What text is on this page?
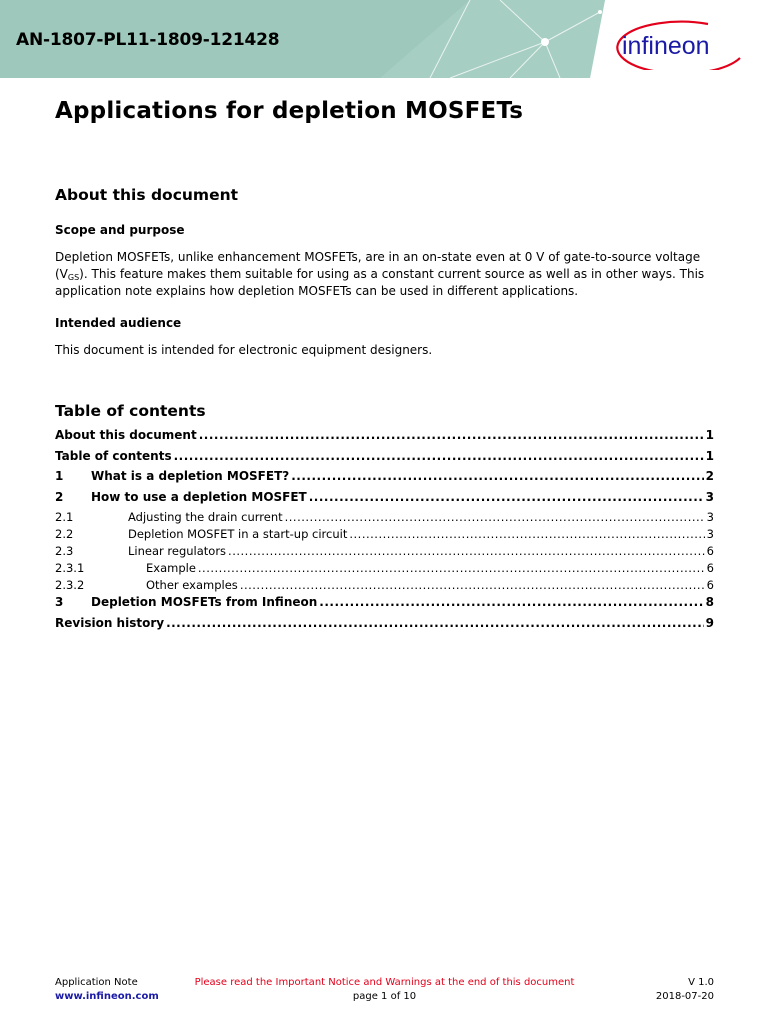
AN-1807-PL11-1809-121428	infineon
Applications for depletion MOSFETs
About this document
Scope and purpose
Depletion MOSFETs, unlike enhancement MOSFETs, are in an on-state even at 0 V of gate-to-source voltage
$(V_{GS})$. This feature makes them suitable for using as a constant current source as well as in other ways. This
application note explains how depletion MOSFETs can be used in different applications.
Intended audience

This document is intended for electronic equipment designers.

Table of contents
About this document .....	1
Table of contents .....	1
1	What is a depletion MOSFET? .....	2
2	How to use a depletion MOSFET .....	3
2.1	Adjusting the drain current .....	3
2.2	Depletion MOSFET in a start-up circuit .....	3
2.3	Linear regulators .....	6
2.3.1	Example .....	6
2.3.2	Other examples .....	6
3	Depletion MOSFETs from Infineon .....	8
Revision history .....	9

Application Note

www.infineon.com

Please read the Important Notice and Warnings at the end of this document

page 1 of 10

V 1.0

2018-07-20
